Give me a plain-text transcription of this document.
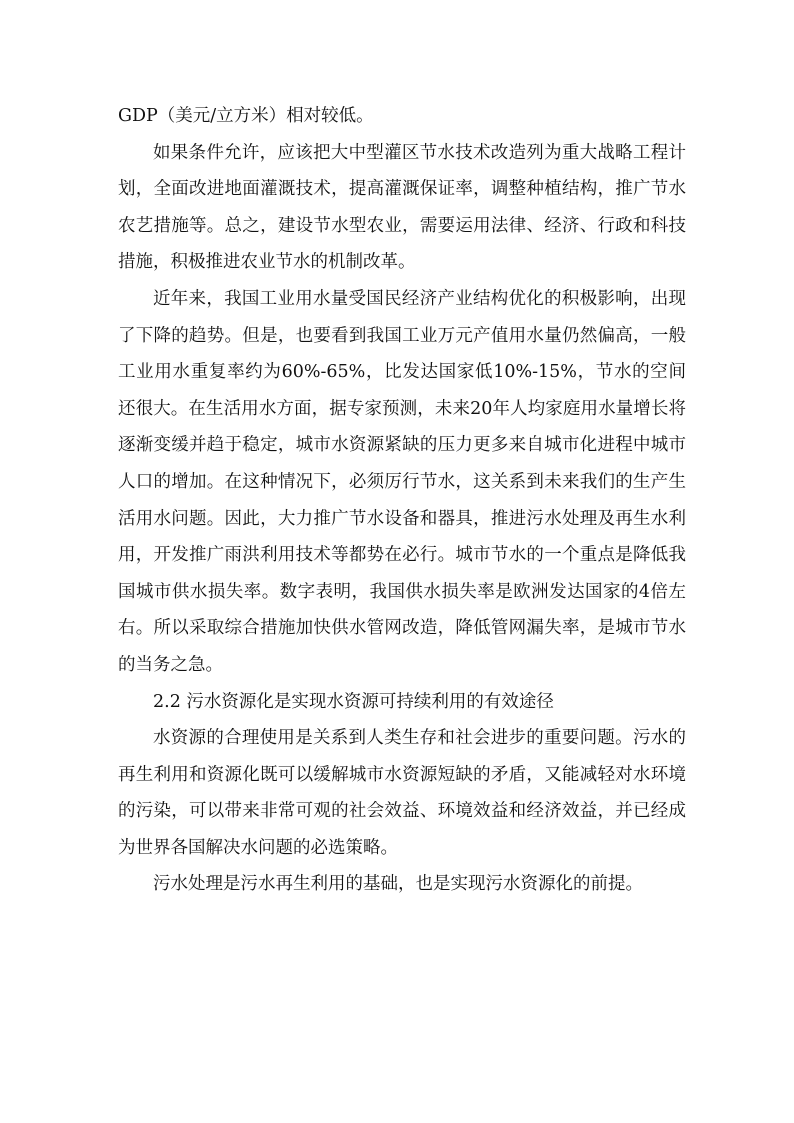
GDP（美元/立方米）相对较低。

如果条件允许，应该把大中型灌区节水技术改造列为重大战略工程计划，全面改进地面灌溉技术，提高灌溉保证率，调整种植结构，推广节水农艺措施等。总之，建设节水型农业，需要运用法律、经济、行政和科技措施，积极推进农业节水的机制改革。

近年来，我国工业用水量受国民经济产业结构优化的积极影响，出现了下降的趋势。但是，也要看到我国工业万元产值用水量仍然偏高，一般工业用水重复率约为60%-65%，比发达国家低10%-15%，节水的空间还很大。在生活用水方面，据专家预测，未来20年人均家庭用水量增长将逐渐变缓并趋于稳定，城市水资源紧缺的压力更多来自城市化进程中城市人口的增加。在这种情况下，必须厉行节水，这关系到未来我们的生产生活用水问题。因此，大力推广节水设备和器具，推进污水处理及再生水利用，开发推广雨洪利用技术等都势在必行。城市节水的一个重点是降低我国城市供水损失率。数字表明，我国供水损失率是欧洲发达国家的4倍左右。所以采取综合措施加快供水管网改造，降低管网漏失率，是城市节水的当务之急。

2.2 污水资源化是实现水资源可持续利用的有效途径

水资源的合理使用是关系到人类生存和社会进步的重要问题。污水的再生利用和资源化既可以缓解城市水资源短缺的矛盾，又能减轻对水环境的污染，可以带来非常可观的社会效益、环境效益和经济效益，并已经成为世界各国解决水问题的必选策略。

污水处理是污水再生利用的基础，也是实现污水资源化的前提。
